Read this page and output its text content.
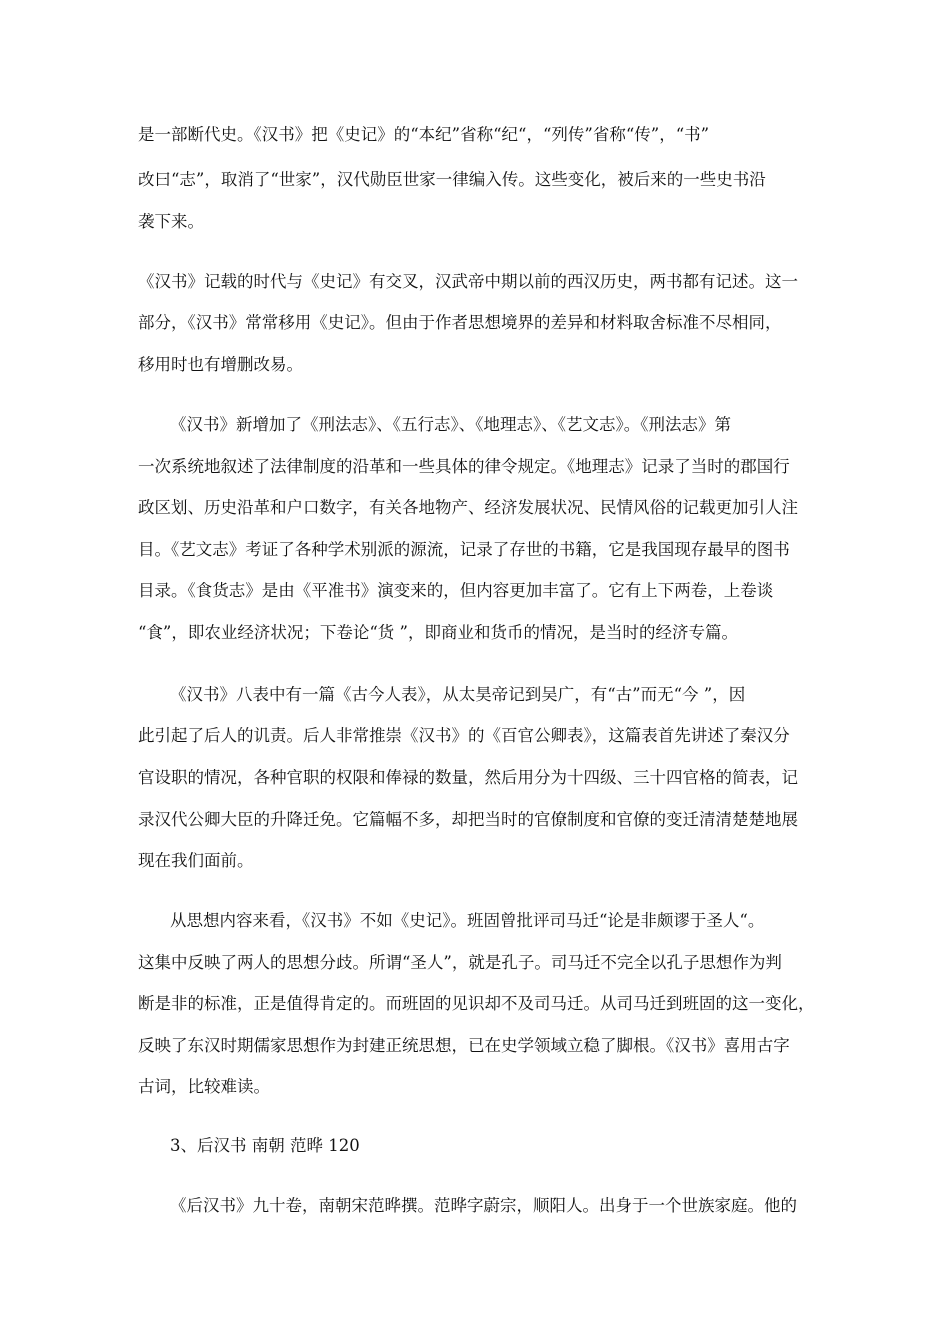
是一部断代史。《汉书》把《史记》的“本纪”省称“纪“，“列传”省称“传”，“书”
改曰“志”，取消了“世家”，汉代勋臣世家一律编入传。这些变化，被后来的一些史书沿
袭下来。
《汉书》记载的时代与《史记》有交叉，汉武帝中期以前的西汉历史，两书都有记述。这一
部分，《汉书》常常移用《史记》。但由于作者思想境界的差异和材料取舍标准不尽相同，
移用时也有增删改易。
《汉书》新增加了《刑法志》、《五行志》、《地理志》、《艺文志》。《刑法志》第
一次系统地叙述了法律制度的沿革和一些具体的律令规定。《地理志》记录了当时的郡国行
政区划、历史沿革和户口数字，有关各地物产、经济发展状况、民情风俗的记载更加引人注
目。《艺文志》考证了各种学术别派的源流，记录了存世的书籍，它是我国现存最早的图书
目录。《食货志》是由《平准书》演变来的，但内容更加丰富了。它有上下两卷，上卷谈
“食”，即农业经济状况；下卷论“货 ”，即商业和货币的情况，是当时的经济专篇。
《汉书》八表中有一篇《古今人表》，从太昊帝记到吴广，有“古”而无“今 ”，因
此引起了后人的讥责。后人非常推崇《汉书》的《百官公卿表》，这篇表首先讲述了秦汉分
官设职的情况，各种官职的权限和俸禄的数量，然后用分为十四级、三十四官格的简表，记
录汉代公卿大臣的升降迁免。它篇幅不多，却把当时的官僚制度和官僚的变迁清清楚楚地展
现在我们面前。
从思想内容来看，《汉书》不如《史记》。班固曾批评司马迁“论是非颇谬于圣人“。
这集中反映了两人的思想分歧。所谓“圣人”，就是孔子。司马迁不完全以孔子思想作为判
断是非的标准，正是值得肯定的。而班固的见识却不及司马迁。从司马迁到班固的这一变化，
反映了东汉时期儒家思想作为封建正统思想，已在史学领域立稳了脚根。《汉书》喜用古字
古词，比较难读。
3、后汉书 南朝 范晔 120
《后汉书》九十卷，南朝宋范晔撰。范晔字蔚宗，顺阳人。出身于一个世族家庭。他的
